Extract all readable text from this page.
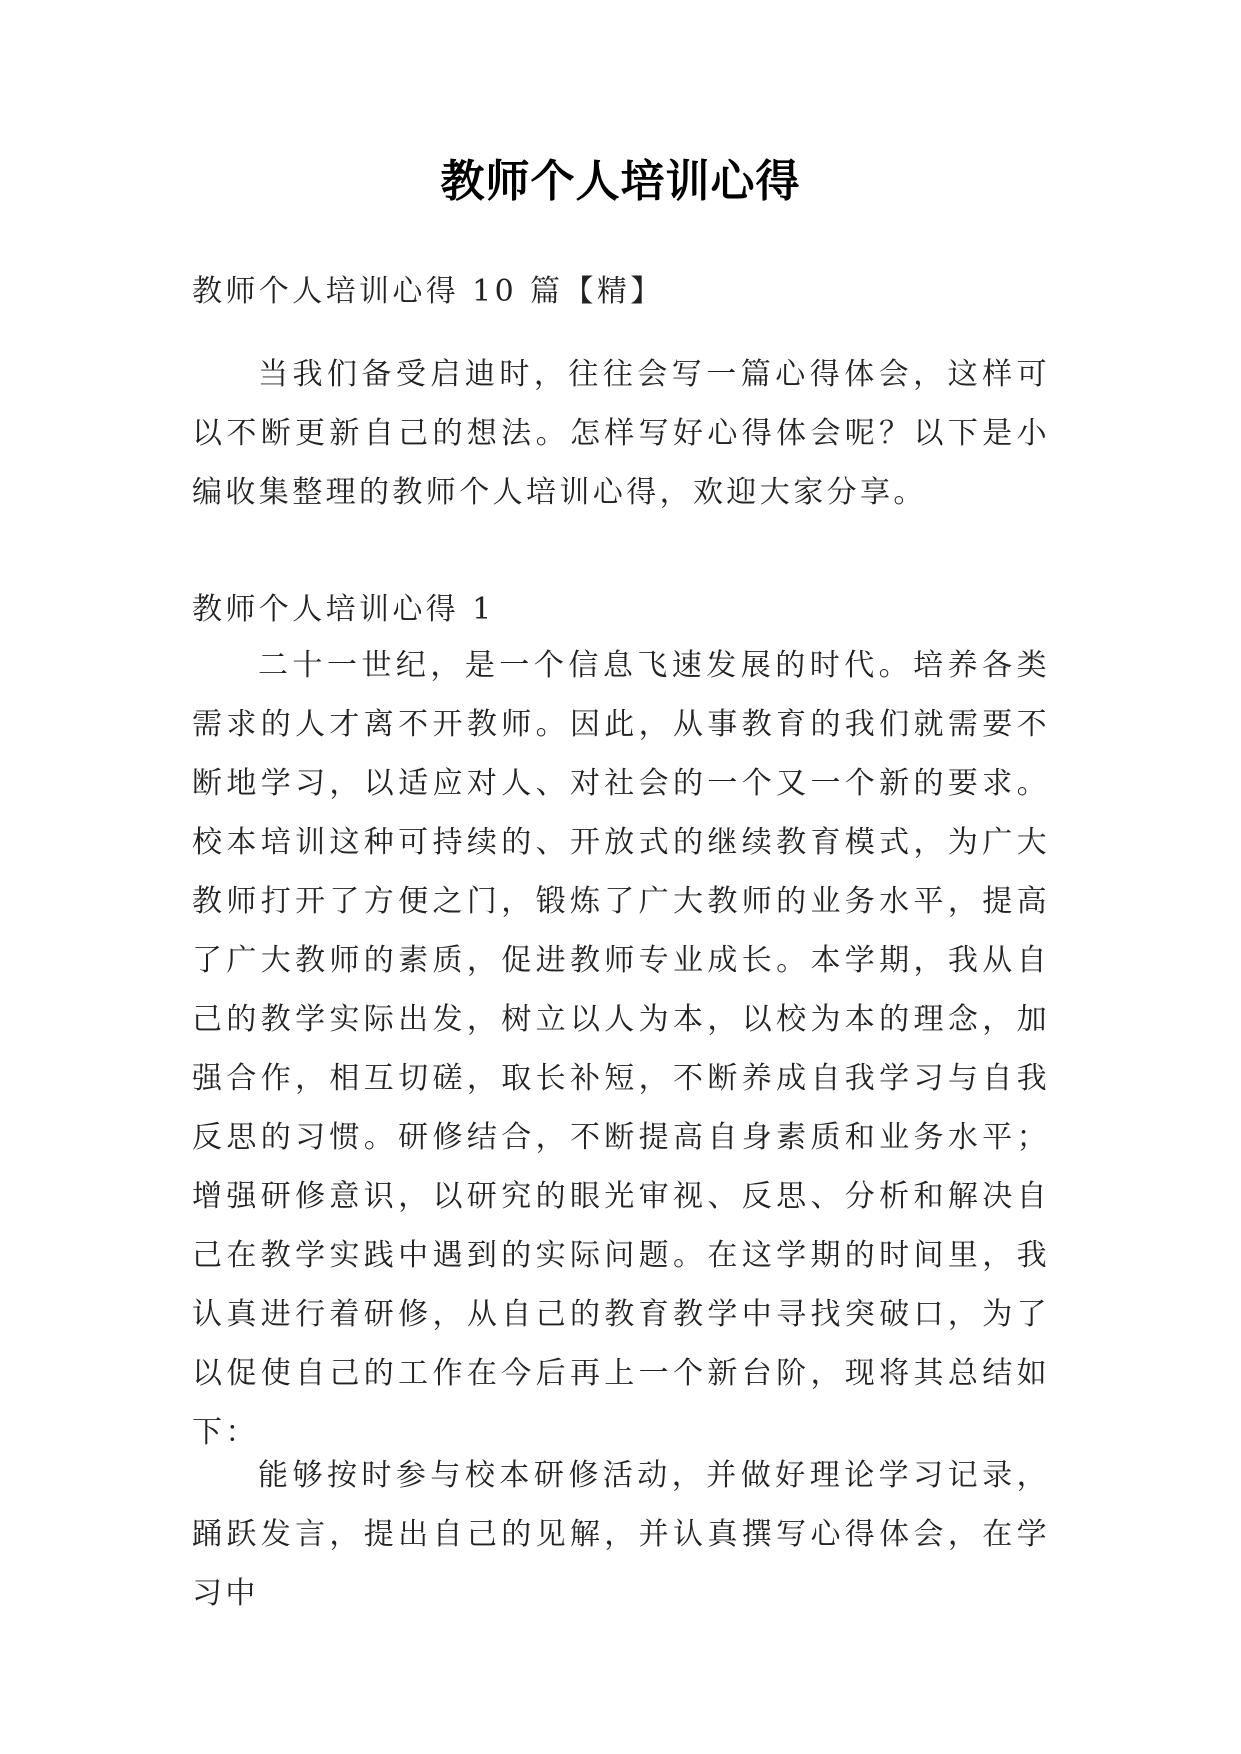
教师个人培训心得
教师个人培训心得 10 篇【精】

当我们备受启迪时，往往会写一篇心得体会，这样可以不断更新自己的想法。怎样写好心得体会呢？以下是小编收集整理的教师个人培训心得，欢迎大家分享。

教师个人培训心得 1

二十一世纪，是一个信息飞速发展的时代。培养各类需求的人才离不开教师。因此，从事教育的我们就需要不断地学习，以适应对人、对社会的一个又一个新的要求。校本培训这种可持续的、开放式的继续教育模式，为广大教师打开了方便之门，锻炼了广大教师的业务水平，提高了广大教师的素质，促进教师专业成长。本学期，我从自己的教学实际出发，树立以人为本，以校为本的理念，加强合作，相互切磋，取长补短，不断养成自我学习与自我反思的习惯。研修结合，不断提高自身素质和业务水平；增强研修意识，以研究的眼光审视、反思、分析和解决自己在教学实践中遇到的实际问题。在这学期的时间里，我认真进行着研修，从自己的教育教学中寻找突破口，为了以促使自己的工作在今后再上一个新台阶，现将其总结如下：

能够按时参与校本研修活动，并做好理论学习记录，踊跃发言，提出自己的见解，并认真撰写心得体会，在学习中
